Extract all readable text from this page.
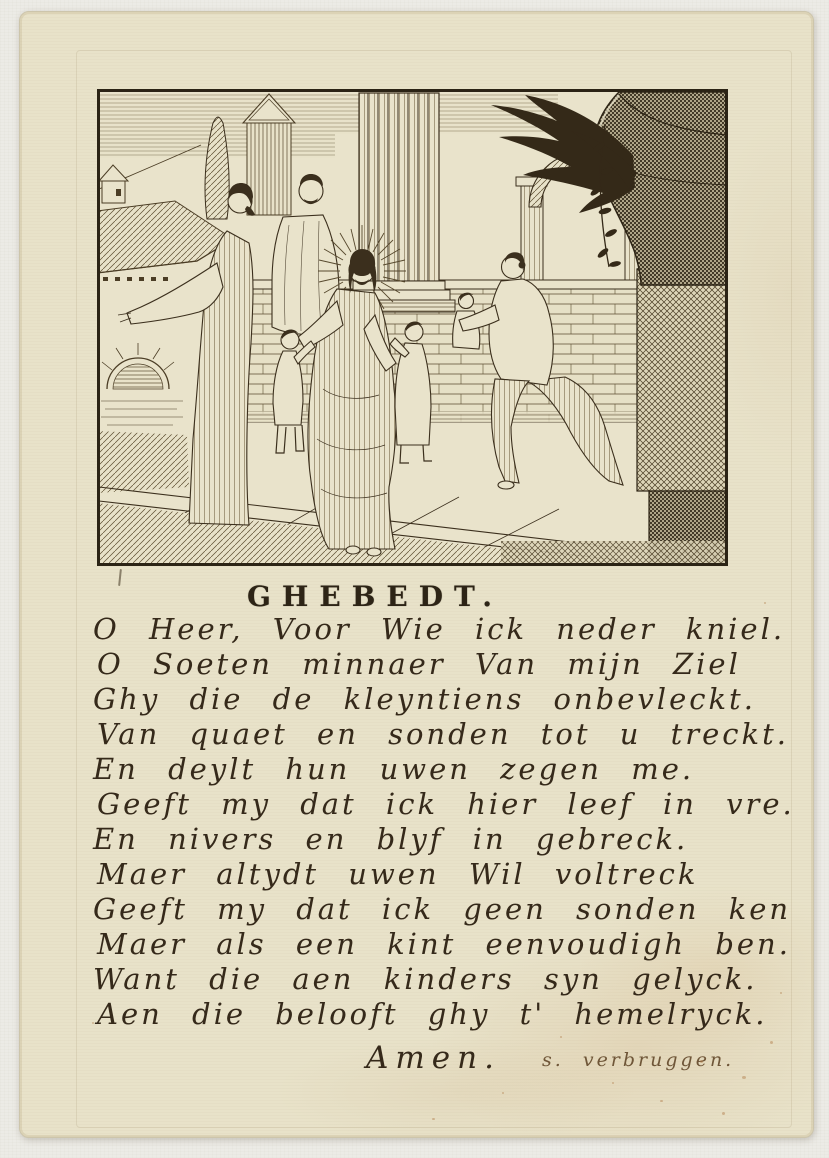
GHEBEDT.
O Heer, Voor Wie ick neder kniel.
O Soeten minnaer Van mijn Ziel
Ghy die de kleyntiens onbevleckt.
Van quaet en sonden tot u treckt.
En deylt hun uwen zegen me.
Geeft my dat ick hier leef in vre.
En nivers en blyf in gebreck.
Maer altydt uwen Wil voltreck
Geeft my dat ick geen sonden ken
Maer als een kint eenvoudigh ben.
Want die aen kinders syn gelyck.
Aen die belooft ghy t' hemelryck.
Amen. s. verbruggen.
